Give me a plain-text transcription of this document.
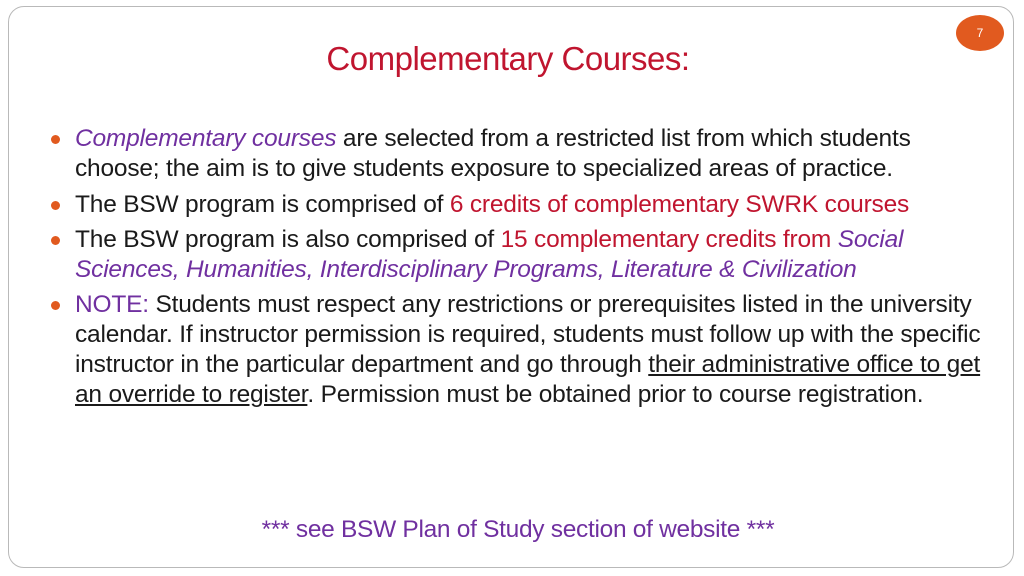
7
Complementary Courses:
Complementary courses are selected from a restricted list from which students choose; the aim is to give students exposure to specialized areas of practice.
The BSW program is comprised of 6 credits of complementary SWRK courses
The BSW program is also comprised of 15 complementary credits from Social Sciences, Humanities, Interdisciplinary Programs, Literature & Civilization
NOTE: Students must respect any restrictions or prerequisites listed in the university calendar. If instructor permission is required, students must follow up with the specific instructor in the particular department and go through their administrative office to get an override to register. Permission must be obtained prior to course registration.
*** see BSW Plan of Study section of website ***
